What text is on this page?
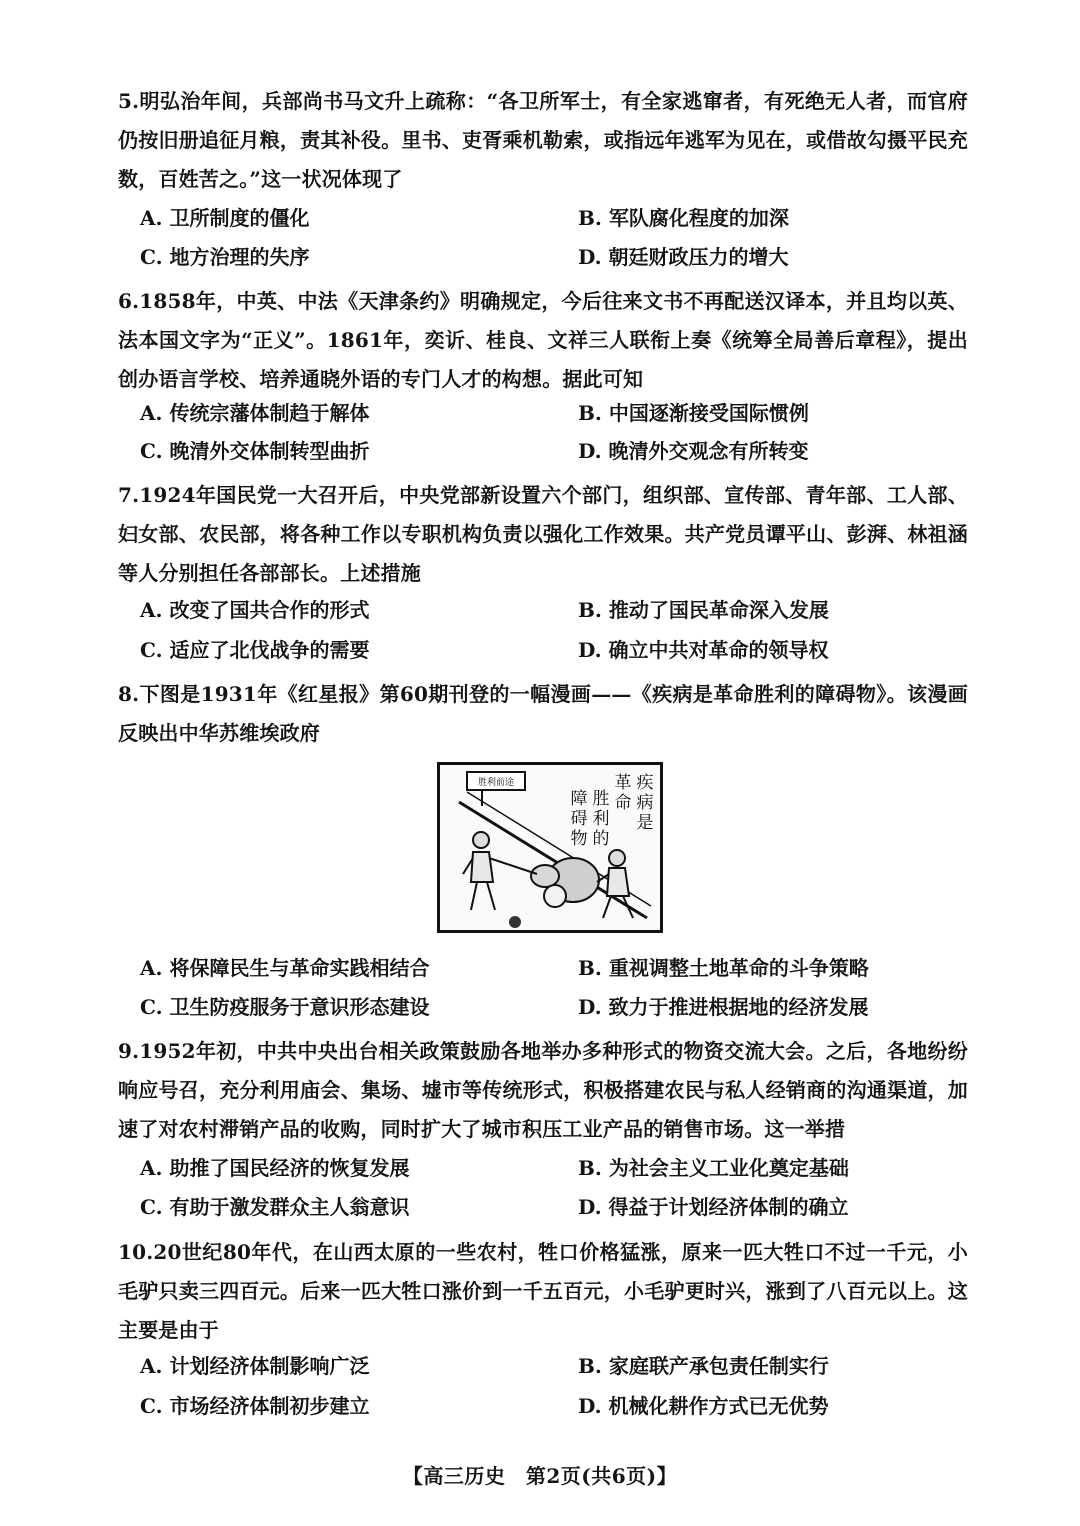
5.明弘治年间，兵部尚书马文升上疏称：“各卫所军士，有全家逃窜者，有死绝无人者，而官府仍按旧册追征月粮，责其补役。里书、吏胥乘机勒索，或指远年逃军为见在，或借故勾摄平民充数，百姓苦之。”这一状况体现了
A. 卫所制度的僵化	B. 军队腐化程度的加深
C. 地方治理的失序	D. 朝廷财政压力的增大
6.1858年，中英、中法《天津条约》明确规定，今后往来文书不再配送汉译本，并且均以英、法本国文字为“正义”。1861年，奕䜣、桂良、文祥三人联衔上奏《统筹全局善后章程》，提出创办语言学校、培养通晓外语的专门人才的构想。据此可知
A. 传统宗藩体制趋于解体	B. 中国逐渐接受国际惯例
C. 晚清外交体制转型曲折	D. 晚清外交观念有所转变
7.1924年国民党一大召开后，中央党部新设置六个部门，组织部、宣传部、青年部、工人部、妇女部、农民部，将各种工作以专职机构负责以强化工作效果。共产党员谭平山、彭湃、林祖涵等人分别担任各部部长。上述措施
A. 改变了国共合作的形式	B. 推动了国民革命深入发展
C. 适应了北伐战争的需要	D. 确立中共对革命的领导权
8.下图是1931年《红星报》第60期刊登的一幅漫画——《疾病是革命胜利的障碍物》。该漫画反映出中华苏维埃政府
胜利前途	疾
病
是
革
命
胜
利
的
障
碍
物
A. 将保障民生与革命实践相结合	B. 重视调整土地革命的斗争策略
C. 卫生防疫服务于意识形态建设	D. 致力于推进根据地的经济发展
9.1952年初，中共中央出台相关政策鼓励各地举办多种形式的物资交流大会。之后，各地纷纷响应号召，充分利用庙会、集场、墟市等传统形式，积极搭建农民与私人经销商的沟通渠道，加速了对农村滞销产品的收购，同时扩大了城市积压工业产品的销售市场。这一举措
A. 助推了国民经济的恢复发展	B. 为社会主义工业化奠定基础
C. 有助于激发群众主人翁意识	D. 得益于计划经济体制的确立
10.20世纪80年代，在山西太原的一些农村，牲口价格猛涨，原来一匹大牲口不过一千元，小毛驴只卖三四百元。后来一匹大牲口涨价到一千五百元，小毛驴更时兴，涨到了八百元以上。这主要是由于
A. 计划经济体制影响广泛	B. 家庭联产承包责任制实行
C. 市场经济体制初步建立	D. 机械化耕作方式已无优势
【高三历史　第2页(共6页)】
